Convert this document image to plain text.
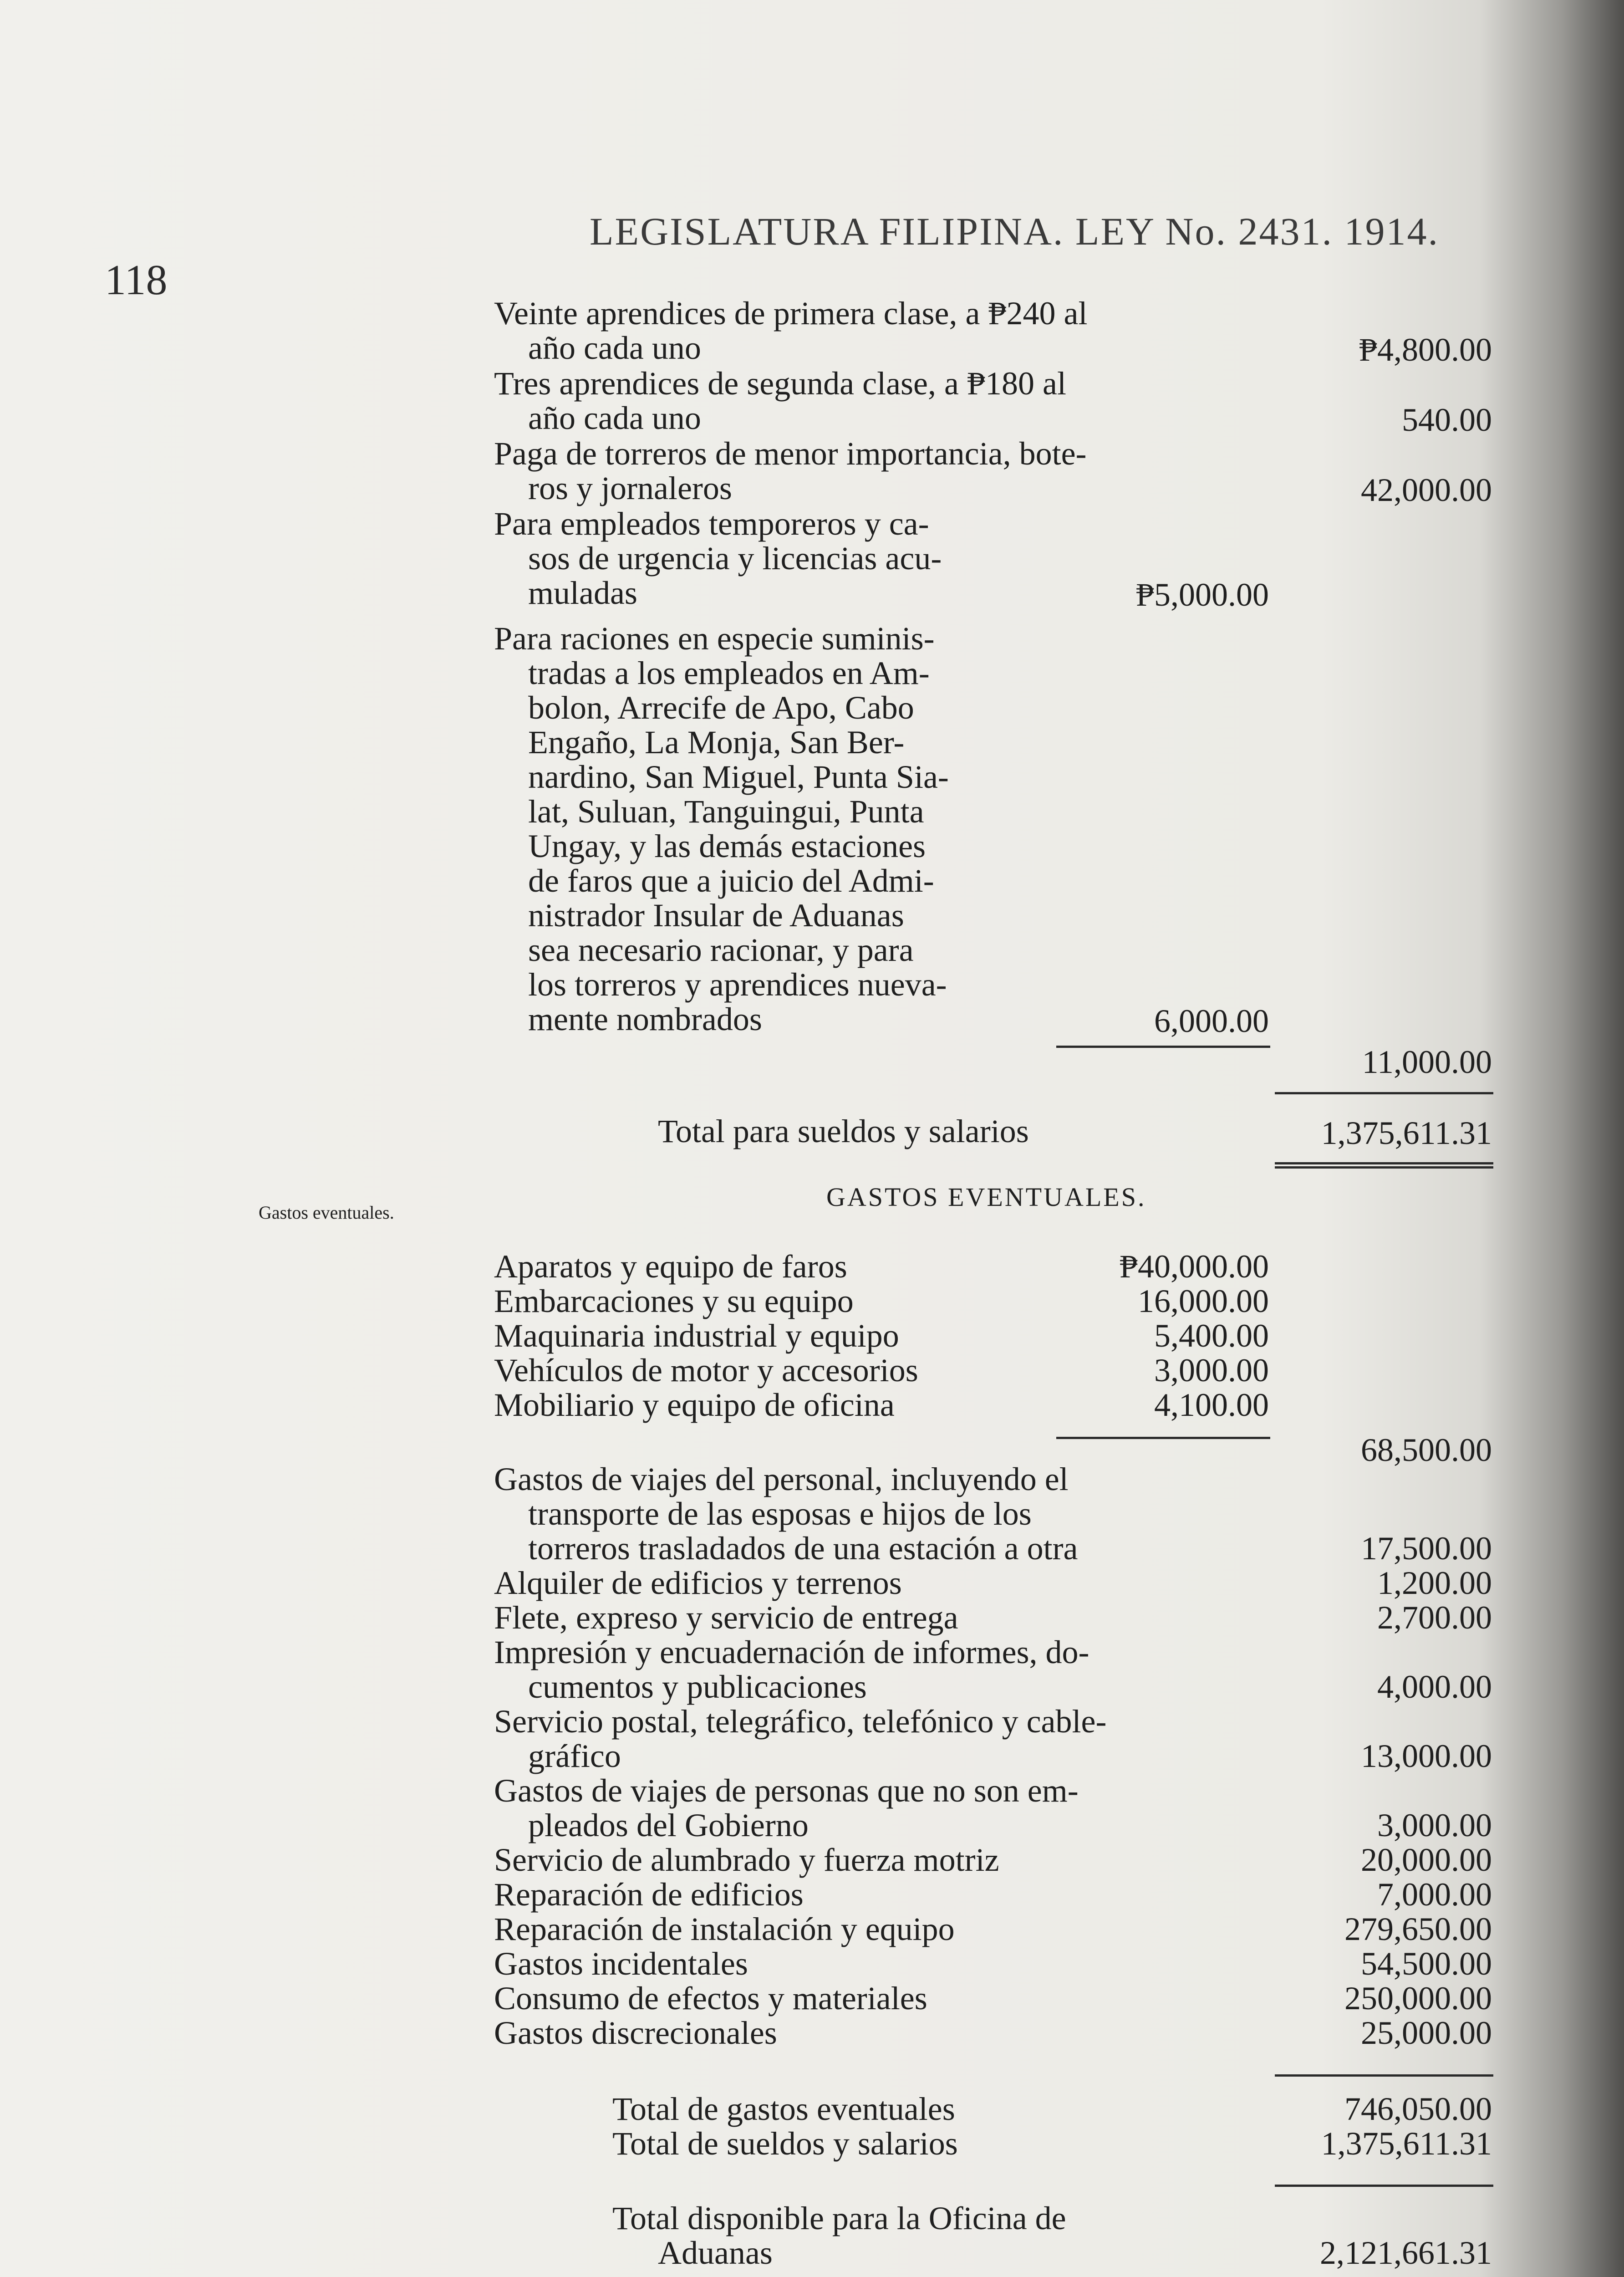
118
LEGISLATURA FILIPINA. LEY No. 2431. 1914.
Veinte aprendices de primera clase, a ₱240 al
año cada uno	₱4,800.00
Tres aprendices de segunda clase, a ₱180 al
año cada uno	540.00
Paga de torreros de menor importancia, bote-
ros y jornaleros	42,000.00
Para empleados temporeros y ca-
sos de urgencia y licencias acu-
muladas	₱5,000.00
Para raciones en especie suminis-
tradas a los empleados en Am-
bolon, Arrecife de Apo, Cabo
Engaño, La Monja, San Ber-
nardino, San Miguel, Punta Sia-
lat, Suluan, Tanguingui, Punta
Ungay, y las demás estaciones
de faros que a juicio del Admi-
nistrador Insular de Aduanas
sea necesario racionar, y para
los torreros y aprendices nueva-
mente nombrados	6,000.00
11,000.00
Total para sueldos y salarios	1,375,611.31
Gastos eventuales.
GASTOS EVENTUALES.
Aparatos y equipo de faros	₱40,000.00
Embarcaciones y su equipo	16,000.00
Maquinaria industrial y equipo	5,400.00
Vehículos de motor y accesorios	3,000.00
Mobiliario y equipo de oficina	4,100.00
68,500.00
Gastos de viajes del personal, incluyendo el
transporte de las esposas e hijos de los
torreros trasladados de una estación a otra	17,500.00
Alquiler de edificios y terrenos	1,200.00
Flete, expreso y servicio de entrega	2,700.00
Impresión y encuadernación de informes, do-
cumentos y publicaciones	4,000.00
Servicio postal, telegráfico, telefónico y cable-
gráfico	13,000.00
Gastos de viajes de personas que no son em-
pleados del Gobierno	3,000.00
Servicio de alumbrado y fuerza motriz	20,000.00
Reparación de edificios	7,000.00
Reparación de instalación y equipo	279,650.00
Gastos incidentales	54,500.00
Consumo de efectos y materiales	250,000.00
Gastos discrecionales	25,000.00
Total de gastos eventuales	746,050.00
Total de sueldos y salarios	1,375,611.31
Total disponible para la Oficina de
Aduanas	2,121,661.31
